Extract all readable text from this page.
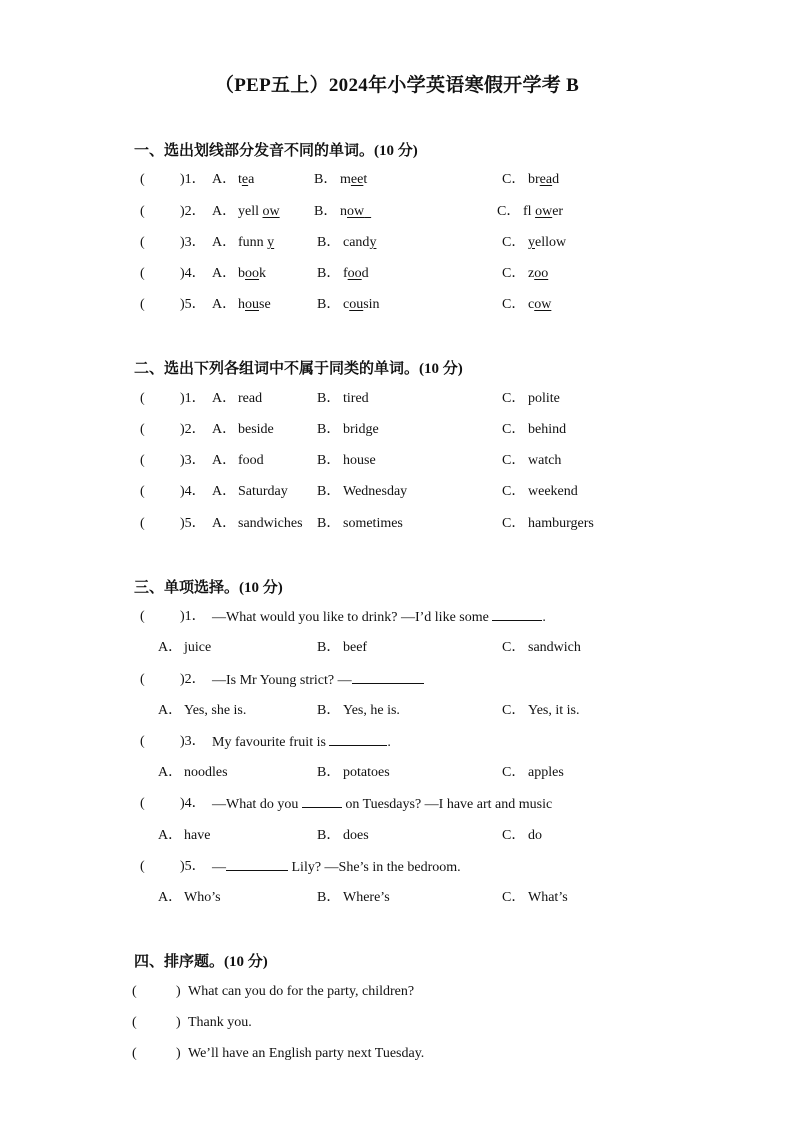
（PEP五上）2024年小学英语寒假开学考 B
一、选出划线部分发音不同的单词。(10 分)
(	)1． A． tea	B． meet	C． bread
(	)2． A． yell ow B． now	C． fl ower
(	)3． A． funn y	B． candy	C． yellow
(	)4． A． book	B． food	C． zoo
(	)5． A． house	B． cousin	C． cow
二、选出下列各组词中不属于同类的单词。(10 分)
(	)1． A． read	B． tired	C． polite
(	)2． A． beside	B． bridge	C． behind
(	)3． A． food	B． house	C． watch
(	)4． A． Saturday B． Wednesday	C． weekend
(	)5． A． sandwiches B． sometimes	C． hamburgers
三、单项选择。(10 分)
(	)1． —What would you like to drink? —I’d like some	.
A． juice	B． beef	C． sandwich
(	)2． —Is Mr Young strict? —
A． Yes, she is.	B． Yes, he is.	C． Yes, it is.
(	)3． My favourite fruit is	.
A． noodles	B． potatoes	C． apples
(	)4． —What do you	on Tuesdays? —I have art and music
A． have	B． does	C． do
(	)5． —	Lily? —She’s in the bedroom.
A． Who’s	B． Where’s	C． What’s
四、排序题。(10 分)
(	) What can you do for the party, children?
(	) Thank you.
(	) We’ll have an English party next Tuesday.
